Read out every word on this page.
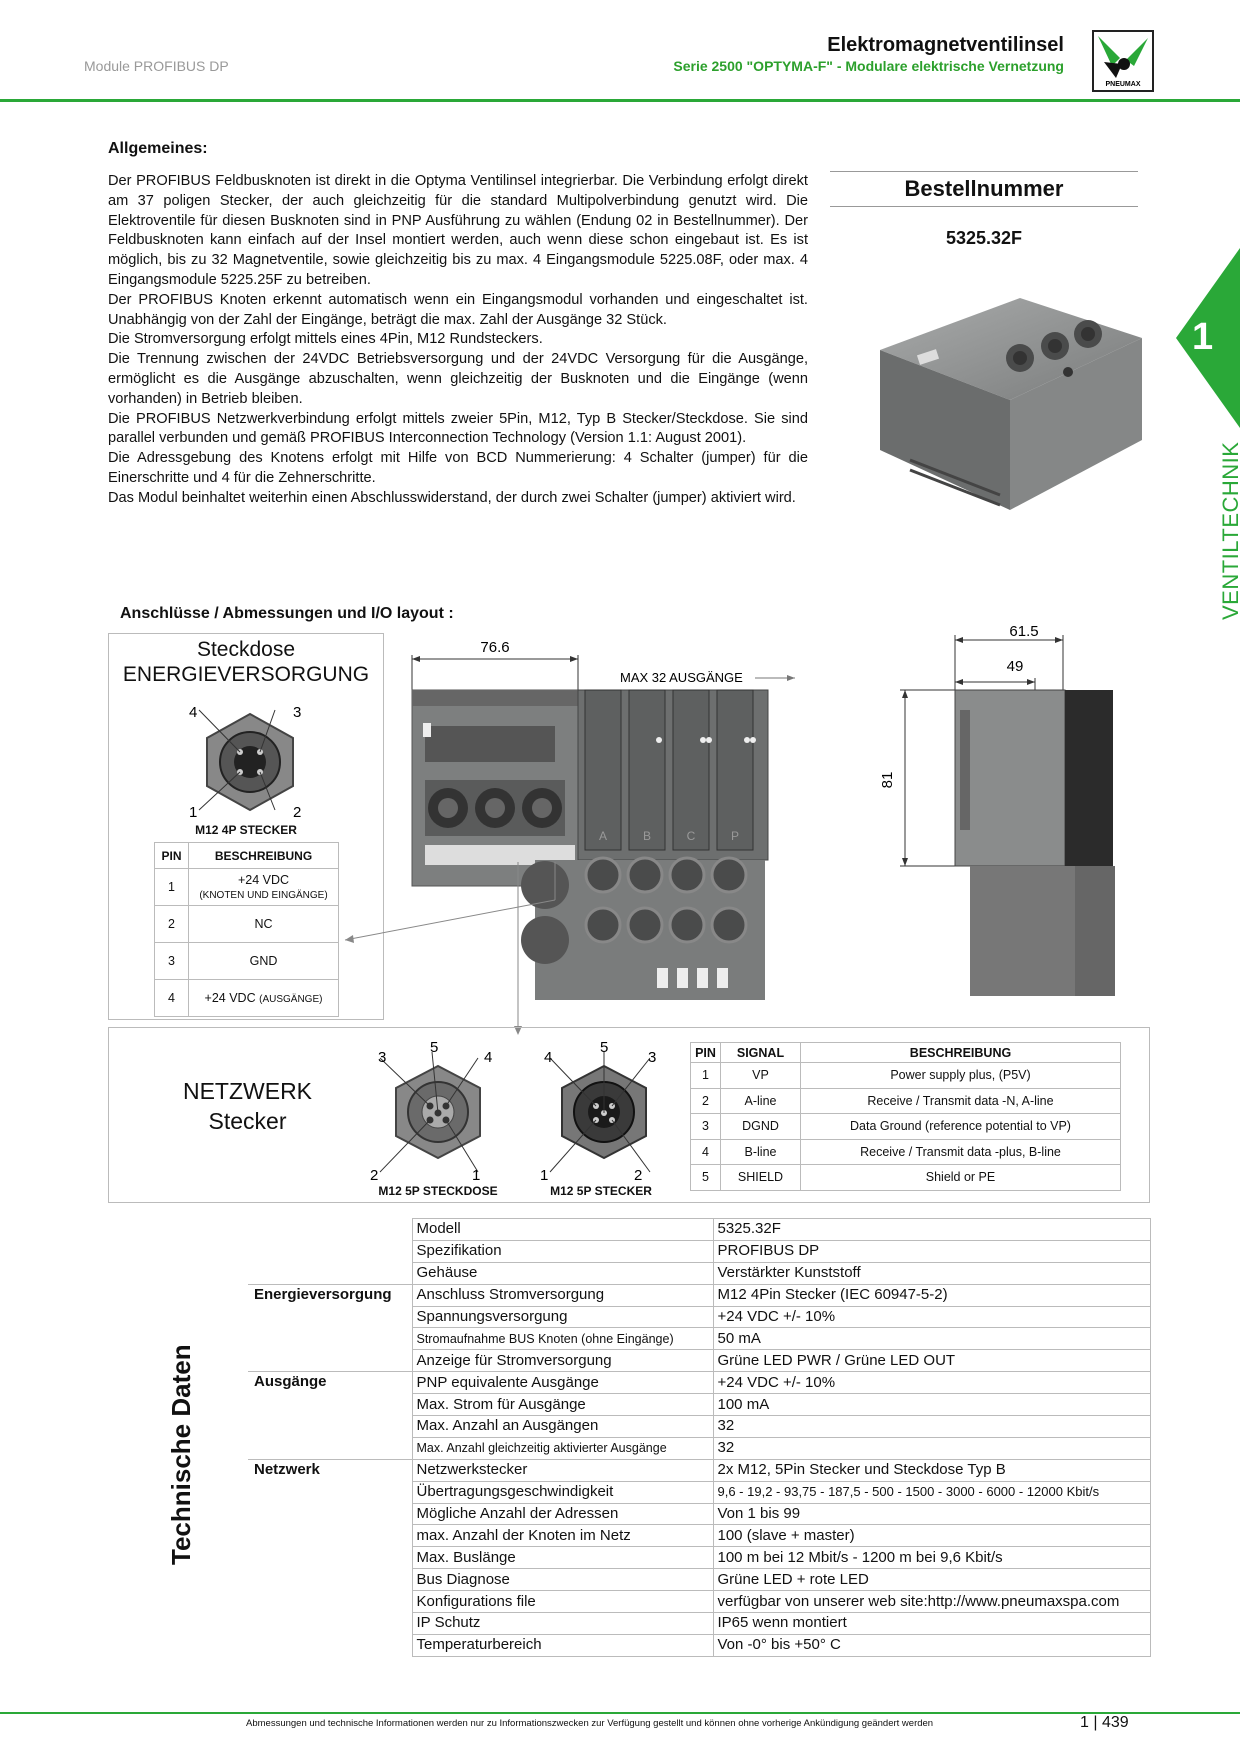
Module PROFIBUS DP
Elektromagnetventilinsel
Serie 2500 "OPTYMA-F" - Modulare elektrische Vernetzung
PNEUMAX
1
VENTILTECHNIK
Allgemeines:

Der PROFIBUS Feldbusknoten ist direkt in die Optyma Ventilinsel integrierbar. Die Verbindung erfolgt direkt am 37 poligen Stecker, der auch gleichzeitig für die standard Multipolverbindung genutzt wird. Die Elektroventile für diesen Busknoten sind in PNP Ausführung zu wählen (Endung 02 in Bestellnummer). Der Feldbusknoten kann einfach auf der Insel montiert werden, auch wenn diese schon eingebaut ist. Es ist möglich, bis zu 32 Magnetventile, sowie gleichzeitig bis zu max. 4 Eingangsmodule 5225.08F, oder max. 4 Eingangsmodule 5225.25F zu betreiben.

Der PROFIBUS Knoten erkennt automatisch wenn ein Eingangsmodul vorhanden und eingeschaltet ist. Unabhängig von der Zahl der Eingänge, beträgt die max. Zahl der Ausgänge 32 Stück.

Die Stromversorgung erfolgt mittels eines 4Pin, M12 Rundsteckers.

Die Trennung zwischen der 24VDC Betriebsversorgung und der 24VDC Versorgung für die Ausgänge, ermöglicht es die Ausgänge abzuschalten, wenn gleichzeitig der Busknoten und die Eingänge (wenn vorhanden) in Betrieb bleiben.

Die PROFIBUS Netzwerkverbindung erfolgt mittels zweier 5Pin, M12, Typ B Stecker/Steckdose. Sie sind parallel verbunden und gemäß PROFIBUS Interconnection Technology (Version 1.1: August 2001).

Die Adressgebung des Knotens erfolgt mit Hilfe von BCD Nummerierung: 4 Schalter (jumper) für die Einerschritte und 4 für die Zehnerschritte.

Das Modul beinhaltet weiterhin einen Abschlusswiderstand, der durch zwei Schalter (jumper) aktiviert wird.

Bestellnummer
5325.32F
Anschlüsse / Abmessungen und I/O layout :
Steckdose
ENERGIEVERSORGUNG
4	3
1	2
M12 4P STECKER
PIN	BESCHREIBUNG
1	+24 VDC
(KNOTEN UND EINGÄNGE)
2	NC
3	GND
4	+24 VDC (AUSGÄNGE)
76.6
MAX 32 AUSGÄNGE
A	B	C	P
61.5
49
81
NETZWERK
Stecker
3
5
4
2	1
M12 5P STECKDOSE
4
5
3
1	2
M12 5P STECKER
PIN	SIGNAL	BESCHREIBUNG
1	VP	Power supply plus, (P5V)
2	A-line	Receive / Transmit data -N, A-line
3	DGND	Data Ground (reference potential to VP)
4	B-line	Receive / Transmit data -plus, B-line
5	SHIELD	Shield or PE
Technische Daten
	Modell	5325.32F
	Spezifikation	PROFIBUS DP
	Gehäuse	Verstärkter Kunststoff
Energieversorgung	Anschluss Stromversorgung	M12 4Pin Stecker (IEC 60947-5-2)
	Spannungsversorgung	+24 VDC +/- 10%
	Stromaufnahme BUS Knoten (ohne Eingänge)	50 mA
	Anzeige für Stromversorgung	Grüne LED PWR / Grüne LED OUT
Ausgänge	PNP equivalente Ausgänge	+24 VDC +/- 10%
	Max. Strom für Ausgänge	100 mA
	Max. Anzahl an Ausgängen	32
	Max. Anzahl gleichzeitig aktivierter Ausgänge	32
Netzwerk	Netzwerkstecker	2x M12, 5Pin Stecker und Steckdose Typ B
	Übertragungsgeschwindigkeit	9,6 - 19,2 - 93,75 - 187,5 - 500 - 1500 - 3000 - 6000 - 12000 Kbit/s
	Mögliche Anzahl der Adressen	Von 1 bis 99
	max. Anzahl der Knoten im Netz	100 (slave + master)
	Max. Buslänge	100 m bei 12 Mbit/s - 1200 m bei 9,6 Kbit/s
	Bus Diagnose	Grüne LED + rote LED
	Konfigurations file	verfügbar von unserer web site:http://www.pneumaxspa.com
	IP Schutz	IP65 wenn montiert
	Temperaturbereich	Von -0° bis +50° C
Abmessungen und technische Informationen werden nur zu Informationszwecken zur Verfügung gestellt und können ohne vorherige Ankündigung geändert werden	1 | 439
